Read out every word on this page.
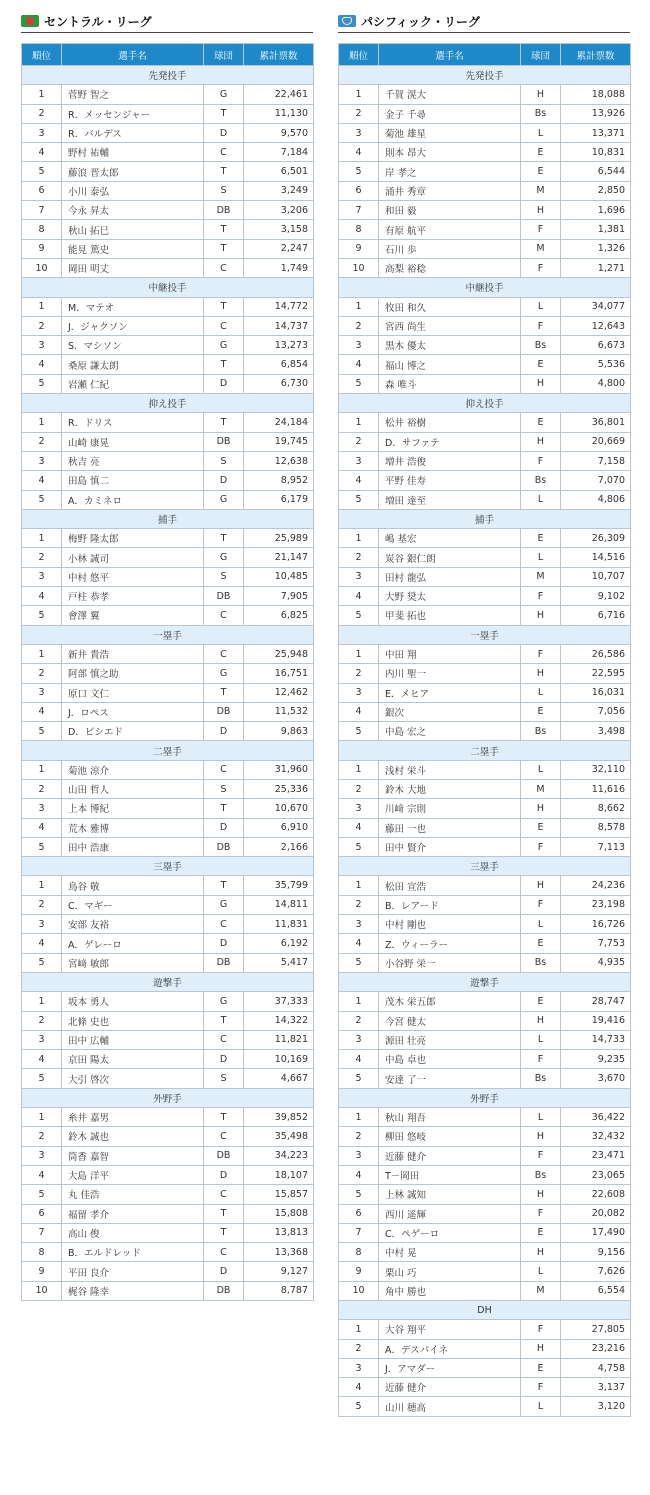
セントラル・リーグ
順位	選手名	球団	累計票数
先発投手			
1	菅野 智之	G	22,461
2	R．メッセンジャー	T	11,130
3	R．バルデス	D	9,570
4	野村 祐輔	C	7,184
5	藤浪 晋太郎	T	6,501
6	小川 泰弘	S	3,249
7	今永 昇太	DB	3,206
8	秋山 拓巳	T	3,158
9	能見 篤史	T	2,247
10	岡田 明丈	C	1,749
中継投手			
1	M．マテオ	T	14,772
2	J．ジャクソン	C	14,737
3	S．マシソン	G	13,273
4	桑原 謙太朗	T	6,854
5	岩瀬 仁紀	D	6,730
抑え投手			
1	R．ドリス	T	24,184
2	山崎 康晃	DB	19,745
3	秋吉 亮	S	12,638
4	田島 慎二	D	8,952
5	A．カミネロ	G	6,179
捕手			
1	梅野 隆太郎	T	25,989
2	小林 誠司	G	21,147
3	中村 悠平	S	10,485
4	戸柱 恭孝	DB	7,905
5	會澤 翼	C	6,825
一塁手			
1	新井 貴浩	C	25,948
2	阿部 慎之助	G	16,751
3	原口 文仁	T	12,462
4	J．ロペス	DB	11,532
5	D．ビシエド	D	9,863
二塁手			
1	菊池 涼介	C	31,960
2	山田 哲人	S	25,336
3	上本 博紀	T	10,670
4	荒木 雅博	D	6,910
5	田中 浩康	DB	2,166
三塁手			
1	鳥谷 敬	T	35,799
2	C．マギー	G	14,811
3	安部 友裕	C	11,831
4	A．ゲレーロ	D	6,192
5	宮﨑 敏郎	DB	5,417
遊撃手			
1	坂本 勇人	G	37,333
2	北條 史也	T	14,322
3	田中 広輔	C	11,821
4	京田 陽太	D	10,169
5	大引 啓次	S	4,667
外野手			
1	糸井 嘉男	T	39,852
2	鈴木 誠也	C	35,498
3	筒香 嘉智	DB	34,223
4	大島 洋平	D	18,107
5	丸 佳浩	C	15,857
6	福留 孝介	T	15,808
7	高山 俊	T	13,813
8	B．エルドレッド	C	13,368
9	平田 良介	D	9,127
10	梶谷 隆幸	DB	8,787
パシフィック・リーグ
順位	選手名	球団	累計票数
先発投手			
1	千賀 滉大	H	18,088
2	金子 千尋	Bs	13,926
3	菊池 雄星	L	13,371
4	則本 昂大	E	10,831
5	岸 孝之	E	6,544
6	涌井 秀章	M	2,850
7	和田 毅	H	1,696
8	有原 航平	F	1,381
9	石川 歩	M	1,326
10	高梨 裕稔	F	1,271
中継投手			
1	牧田 和久	L	34,077
2	宮西 尚生	F	12,643
3	黒木 優太	Bs	6,673
4	福山 博之	E	5,536
5	森 唯斗	H	4,800
抑え投手			
1	松井 裕樹	E	36,801
2	D．サファテ	H	20,669
3	増井 浩俊	F	7,158
4	平野 佳寿	Bs	7,070
5	増田 達至	L	4,806
捕手			
1	嶋 基宏	E	26,309
2	炭谷 銀仁朗	L	14,516
3	田村 龍弘	M	10,707
4	大野 奨太	F	9,102
5	甲斐 拓也	H	6,716
一塁手			
1	中田 翔	F	26,586
2	内川 聖一	H	22,595
3	E．メヒア	L	16,031
4	銀次	E	7,056
5	中島 宏之	Bs	3,498
二塁手			
1	浅村 栄斗	L	32,110
2	鈴木 大地	M	11,616
3	川﨑 宗則	H	8,662
4	藤田 一也	E	8,578
5	田中 賢介	F	7,113
三塁手			
1	松田 宣浩	H	24,236
2	B．レアード	F	23,198
3	中村 剛也	L	16,726
4	Z．ウィーラー	E	7,753
5	小谷野 栄一	Bs	4,935
遊撃手			
1	茂木 栄五郎	E	28,747
2	今宮 健太	H	19,416
3	源田 壮亮	L	14,733
4	中島 卓也	F	9,235
5	安達 了一	Bs	3,670
外野手			
1	秋山 翔吾	L	36,422
2	柳田 悠岐	H	32,432
3	近藤 健介	F	23,471
4	T－岡田	Bs	23,065
5	上林 誠知	H	22,608
6	西川 遥輝	F	20,082
7	C．ペゲーロ	E	17,490
8	中村 晃	H	9,156
9	栗山 巧	L	7,626
10	角中 勝也	M	6,554
DH			
1	大谷 翔平	F	27,805
2	A．デスパイネ	H	23,216
3	J．アマダー	E	4,758
4	近藤 健介	F	3,137
5	山川 穂高	L	3,120
